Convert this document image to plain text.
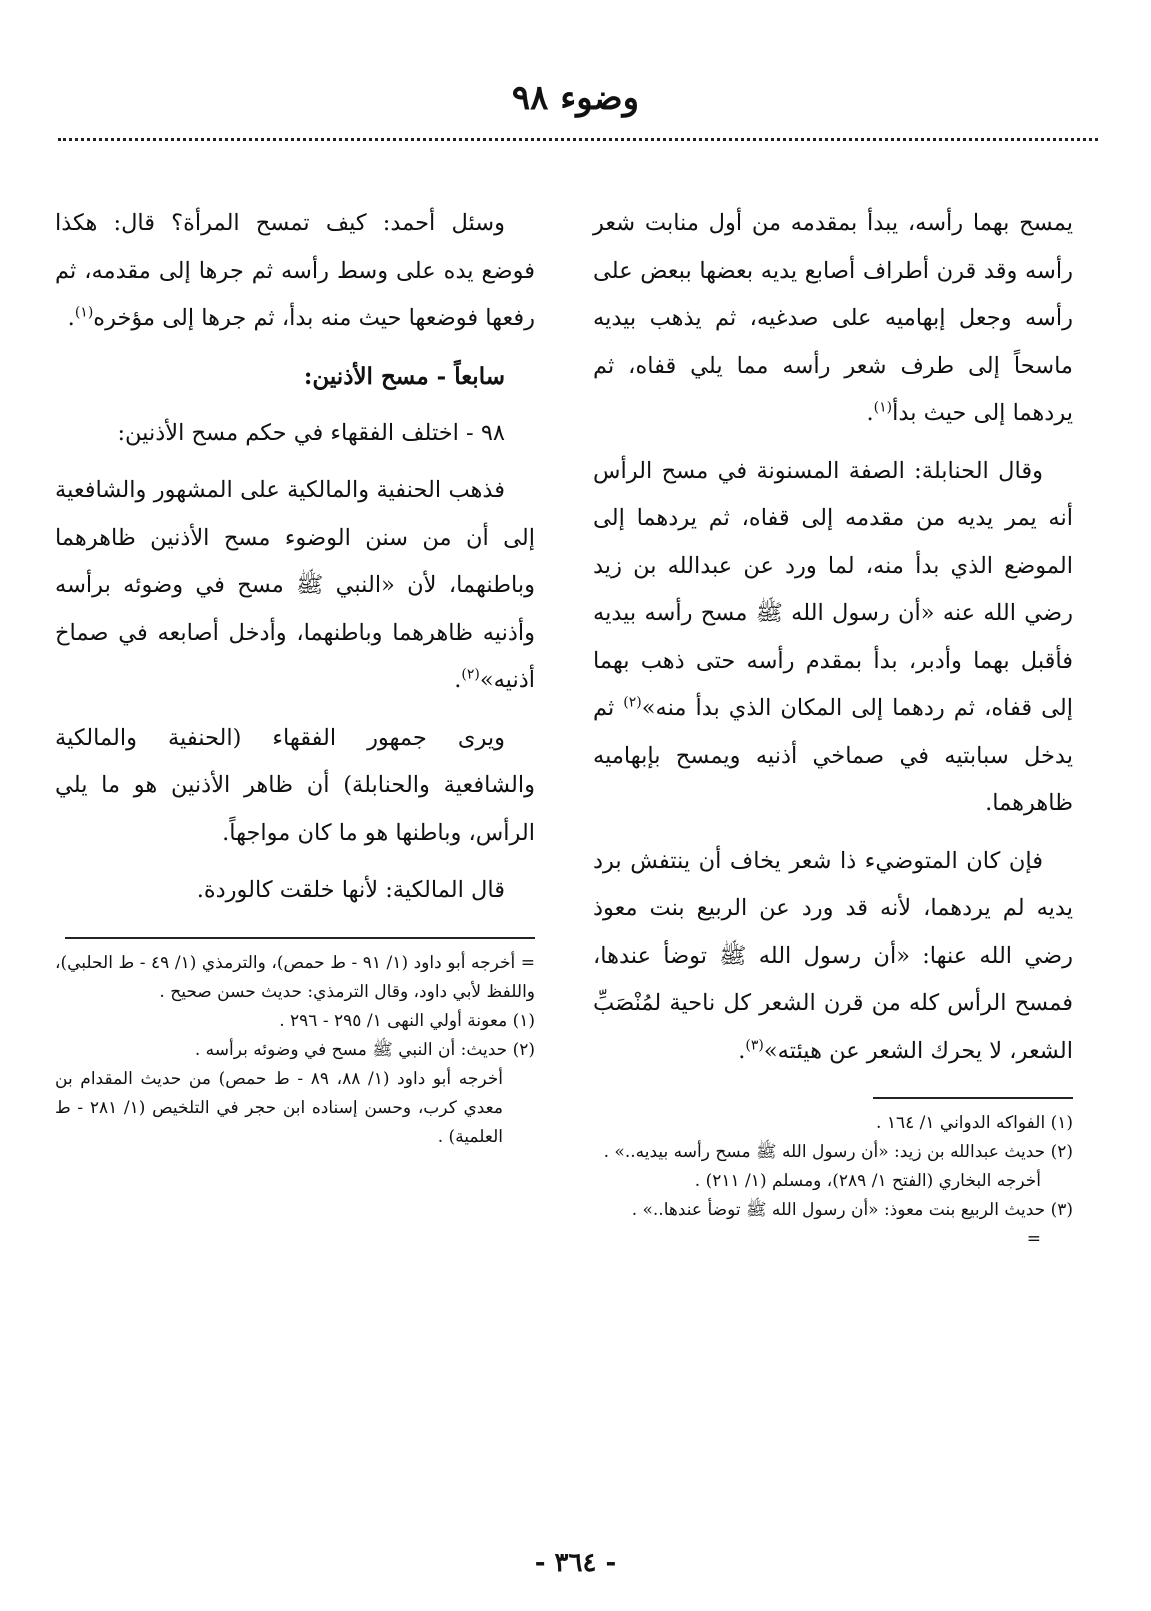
وضوء ٩٨

يمسح بهما رأسه، يبدأ بمقدمه من أول منابت شعر رأسه وقد قرن أطراف أصابع يديه بعضها ببعض على رأسه وجعل إبهاميه على صدغيه، ثم يذهب بيديه ماسحاً إلى طرف شعر رأسه مما يلي قفاه، ثم يردهما إلى حيث بدأ$^{(١)}$.

وقال الحنابلة: الصفة المسنونة في مسح الرأس أنه يمر يديه من مقدمه إلى قفاه، ثم يردهما إلى الموضع الذي بدأ منه، لما ورد عن عبدالله بن زيد رضي الله عنه «أن رسول الله ﷺ مسح رأسه بيديه فأقبل بهما وأدبر، بدأ بمقدم رأسه حتى ذهب بهما إلى قفاه، ثم ردهما إلى المكان الذي بدأ منه»$^{(٢)}$ ثم يدخل سبابتيه في صماخي أذنيه ويمسح بإبهاميه ظاهرهما.

فإن كان المتوضيء ذا شعر يخاف أن ينتفش برد يديه لم يردهما، لأنه قد ورد عن الربيع بنت معوذ رضي الله عنها: «أن رسول الله ﷺ توضأ عندها، فمسح الرأس كله من قرن الشعر كل ناحية لمُنْصَبِّ الشعر، لا يحرك الشعر عن هيئته»$^{(٣)}$.

(١) الفواكه الدواني ١/ ١٦٤ .

(٢) حديث عبدالله بن زيد: «أن رسول الله ﷺ مسح رأسه بيديه..» .

أخرجه البخاري (الفتح ١/ ٢٨٩)، ومسلم (١/ ٢١١) .

(٣) حديث الربيع بنت معوذ: «أن رسول الله ﷺ توضأ عندها..» .

=

وسئل أحمد: كيف تمسح المرأة؟ قال: هكذا فوضع يده على وسط رأسه ثم جرها إلى مقدمه، ثم رفعها فوضعها حيث منه بدأ، ثم جرها إلى مؤخره$^{(١)}$.

سابعاً - مسح الأذنين:

٩٨ - اختلف الفقهاء في حكم مسح الأذنين:

فذهب الحنفية والمالكية على المشهور والشافعية إلى أن من سنن الوضوء مسح الأذنين ظاهرهما وباطنهما، لأن «النبي ﷺ مسح في وضوئه برأسه وأذنيه ظاهرهما وباطنهما، وأدخل أصابعه في صماخ أذنيه»$^{(٢)}$.

ويرى جمهور الفقهاء (الحنفية والمالكية والشافعية والحنابلة) أن ظاهر الأذنين هو ما يلي الرأس، وباطنها هو ما كان مواجهاً.

قال المالكية: لأنها خلقت كالوردة.

= أخرجه أبو داود (١/ ٩١ - ط حمص)، والترمذي (١/ ٤٩ - ط الحلبي)، واللفظ لأبي داود، وقال الترمذي: حديث حسن صحيح .

(١) معونة أولي النهى ١/ ٢٩٥ - ٢٩٦ .

(٢) حديث: أن النبي ﷺ مسح في وضوئه برأسه .

أخرجه أبو داود (١/ ٨٨، ٨٩ - ط حمص) من حديث المقدام بن معدي كرب، وحسن إسناده ابن حجر في التلخيص (١/ ٢٨١ - ط العلمية) .

- ٣٦٤ -
